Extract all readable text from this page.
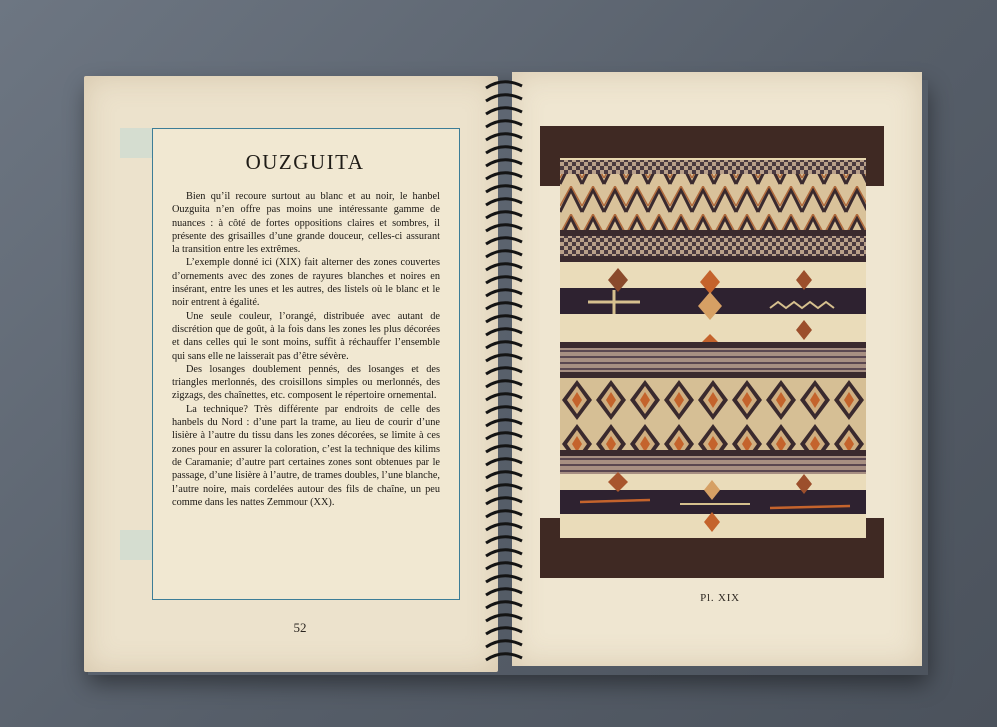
OUZGUITA

Bien qu’il recoure surtout au blanc et au noir, le hanbel Ouzguita n’en offre pas moins une intéressante gamme de nuances : à côté de fortes oppositions claires et sombres, il présente des grisailles d’une grande douceur, celles-ci assurant la transition entre les extrêmes.

L’exemple donné ici (XIX) fait alterner des zones couvertes d’ornements avec des zones de rayures blanches et noires en insérant, entre les unes et les autres, des listels où le blanc et le noir entrent à égalité.

Une seule couleur, l’orangé, distribuée avec autant de discrétion que de goût, à la fois dans les zones les plus décorées et dans celles qui le sont moins, suffit à réchauffer l’ensemble qui sans elle ne laisserait pas d’être sévère.

Des losanges doublement pennés, des losanges et des triangles merlonnés, des croisillons simples ou merlonnés, des zigzags, des chaînettes, etc. composent le répertoire ornemental.

La technique? Très différente par endroits de celle des hanbels du Nord : d’une part la trame, au lieu de courir d’une lisière à l’autre du tissu dans les zones décorées, se limite à ces zones pour en assurer la coloration, c’est la technique des kilims de Caramanie; d’autre part certaines zones sont obtenues par le passage, d’une lisière à l’autre, de trames doubles, l’une blanche, l’autre noire, mais cordelées autour des fils de chaîne, un peu comme dans les nattes Zemmour (XX).

52
Pl. XIX
